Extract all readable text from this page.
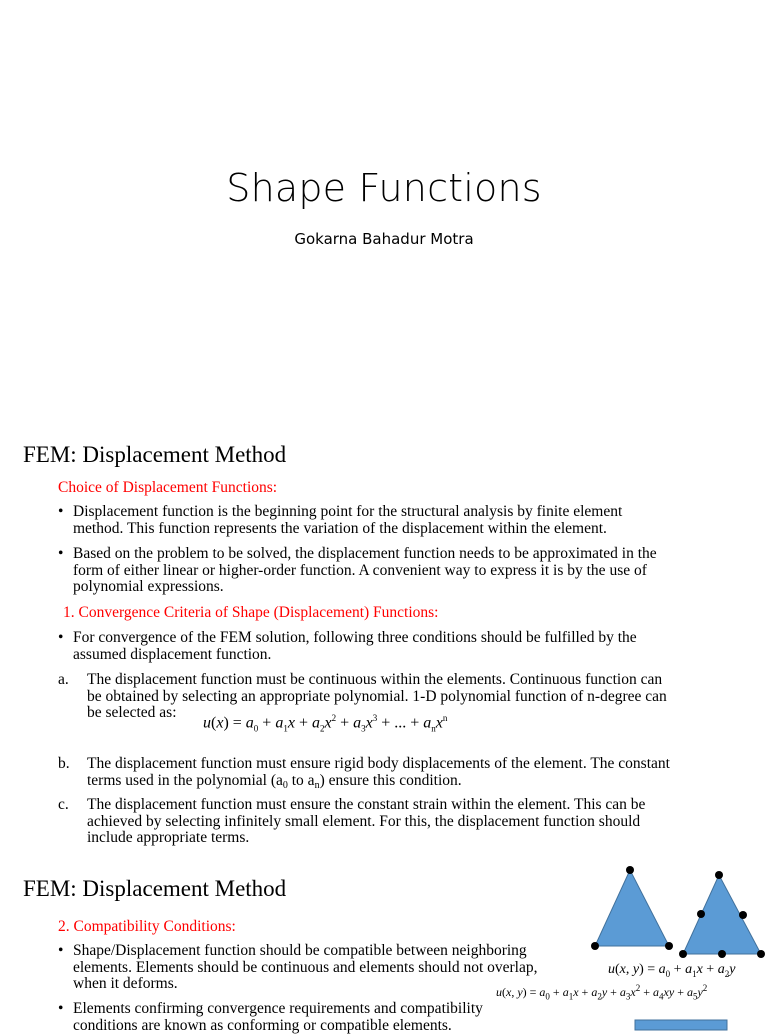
Shape Functions
Gokarna Bahadur Motra
FEM: Displacement Method
Choice of Displacement Functions:
• Displacement function is the beginning point for the structural analysis by finite element
method. This function represents the variation of the displacement within the element.
• Based on the problem to be solved, the displacement function needs to be approximated in the
form of either linear or higher-order function. A convenient way to express it is by the use of
polynomial expressions.
1. Convergence Criteria of Shape (Displacement) Functions:
• For convergence of the FEM solution, following three conditions should be fulfilled by the
assumed displacement function.
a.	The displacement function must be continuous within the elements. Continuous function can
be obtained by selecting an appropriate polynomial. 1-D polynomial function of n-degree can
be selected as:
$u(x) = a_0 + a_1x + a_2x^2 + a_3x^3$ + ... + $a_nx^n$
b.	The displacement function must ensure rigid body displacements of the element. The constant
terms used in the polynomial (a0 to an) ensure this condition.
c.	The displacement function must ensure the constant strain within the element. This can be
achieved by selecting infinitely small element. For this, the displacement function should
include appropriate terms.
FEM: Displacement Method
2. Compatibility Conditions:
• Shape/Displacement function should be compatible between neighboring
elements. Elements should be continuous and elements should not overlap,
when it deforms.
• Elements confirming convergence requirements and compatibility
conditions are known as conforming or compatible elements.
u(x, $y) = a_0 + a_1x + a_2y$
u(x, $y) = a_0 + a_1x + a_2y + a_3x^2 + a_4xy + a_5y^2$
